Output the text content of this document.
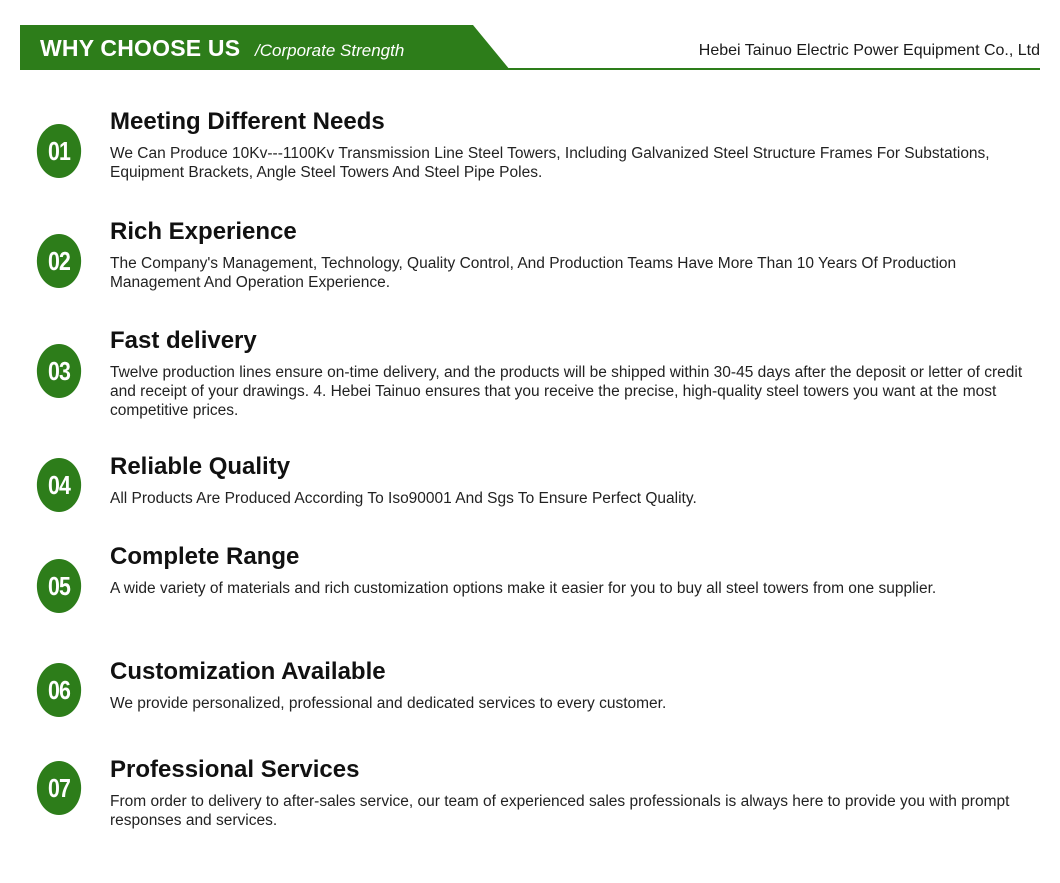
WHY CHOOSE US /Corporate Strength	Hebei Tainuo Electric Power Equipment Co., Ltd
01
Meeting Different Needs
We Can Produce 10Kv---1100Kv Transmission Line Steel Towers, Including Galvanized Steel Structure Frames For Substations, Equipment Brackets, Angle Steel Towers And Steel Pipe Poles.
02
Rich Experience
The Company's Management, Technology, Quality Control, And Production Teams Have More Than 10 Years Of Production Management And Operation Experience.
03
Fast delivery
Twelve production lines ensure on-time delivery, and the products will be shipped within 30-45 days after the deposit or letter of credit and receipt of your drawings. 4. Hebei Tainuo ensures that you receive the precise, high-quality steel towers you want at the most competitive prices.
04
Reliable Quality
All Products Are Produced According To Iso90001 And Sgs To Ensure Perfect Quality.
05
Complete Range
A wide variety of materials and rich customization options make it easier for you to buy all steel towers from one supplier.
06
Customization Available
We provide personalized, professional and dedicated services to every customer.
07
Professional Services
From order to delivery to after-sales service, our team of experienced sales professionals is always here to provide you with prompt responses and services.
